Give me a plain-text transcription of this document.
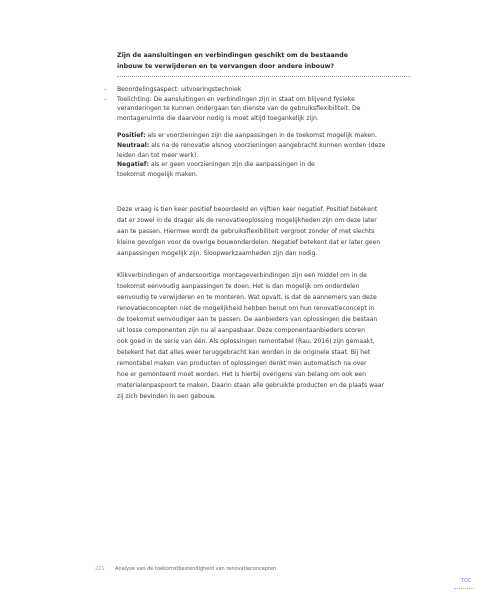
Zijn de aansluitingen en verbindingen geschikt om de bestaande
inbouw te verwijderen en te vervangen door andere inbouw?

– Beoordelingsaspect: uitvoeringstechniek
– Toelichting: De aansluitingen en verbindingen zijn in staat om blijvend fysieke
veranderingen te kunnen ondergaan ten dienste van de gebruiksflexibiliteit. De
montageruimte die daarvoor nodig is moet altijd toegankelijk zijn.

Positief: als er voorzieningen zijn die aanpassingen in de toekomst mogelijk maken.
Neutraal: als na de renovatie alsnog voorzieningen aangebracht kunnen worden (deze
leiden dan tot meer werk).
Negatief: als er geen voorzieningen zijn die aanpassingen in de
toekomst mogelijk maken.

Deze vraag is tien keer positief beoordeeld en vijftien keer negatief. Positief betekent
dat er zowel in de drager als de renovatieoplossing mogelijkheden zijn om deze later
aan te passen. Hiermee wordt de gebruiksflexibiliteit vergroot zonder of met slechts
kleine gevolgen voor de overige bouwonderdelen. Negatief betekent dat er later geen
aanpassingen mogelijk zijn. Sloopwerkzaamheden zijn dan nodig.

Klikverbindingen of andersoortige montageverbindingen zijn een middel om in de
toekomst eenvoudig aanpassingen te doen. Het is dan mogelijk om onderdelen
eenvoudig te verwijderen en te monteren. Wat opvalt, is dat de aannemers van deze
renovatieconcepten niet de mogelijkheid hebben benut om hun renovatieconcept in
de toekomst eenvoudiger aan te passen. De aanbieders van oplossingen die bestaan
uit losse componenten zijn nu al aanpasbaar. Deze componentaanbieders scoren
ook goed in de serie van één. Als oplossingen remontabel (Rau, 2016) zijn gemaakt,
betekent het dat alles weer teruggebracht kan worden in de originele staat. Bij het
remontabel maken van producten of oplossingen denkt men automatisch na over
hoe er gemonteerd moet worden. Het is hierbij overigens van belang om ook een
materialenpaspoort te maken. Daarin staan alle gebruikte producten en de plaats waar
zij zich bevinden in een gebouw.

221 Analyse van de toekomstbestendigheid van renovatieconcepten
TOC
